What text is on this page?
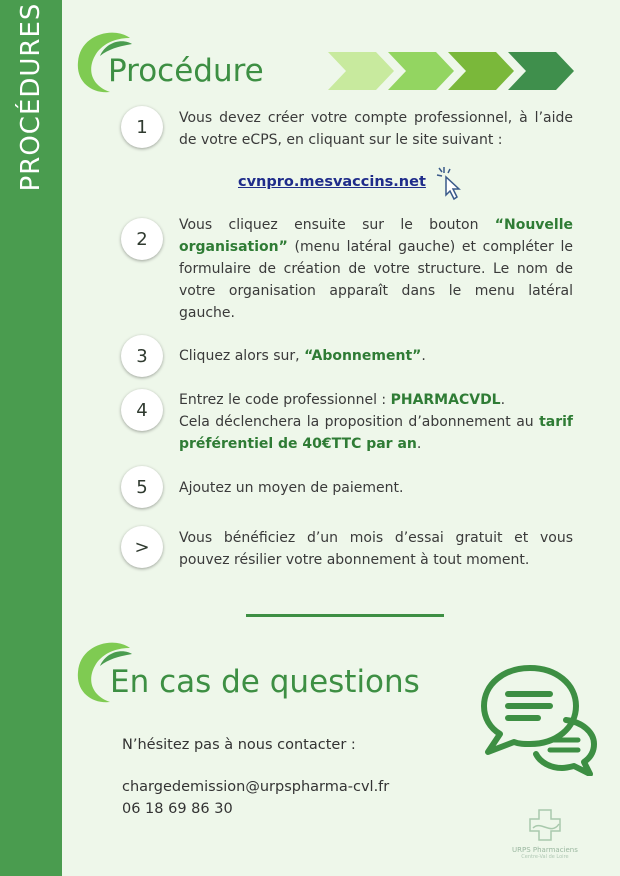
PROCÉDURES Procédure
1	Vous devez créer votre compte professionnel, à l’aide de votre eCPS, en cliquant sur le site suivant :
cvnpro.mesvaccins.net
2
Vous cliquez ensuite sur le bouton “Nouvelle organisation” (menu latéral gauche) et compléter le formulaire de création de votre structure. Le nom de votre organisation apparaît dans le menu latéral gauche.
3	Cliquez alors sur, “Abonnement”.
4	Entrez le code professionnel : PHARMACVDL.
Cela déclenchera la proposition d’abonnement au tarif préférentiel de 40€TTC par an.
5	Ajoutez un moyen de paiement.
>	Vous bénéficiez d’un mois d’essai gratuit et vous pouvez résilier votre abonnement à tout moment.
En cas de questions
N’hésitez pas à nous contacter :
chargedemission@urpspharma-cvl.fr
06 18 69 86 30
URPS Pharmaciens
Centre-Val de Loire
